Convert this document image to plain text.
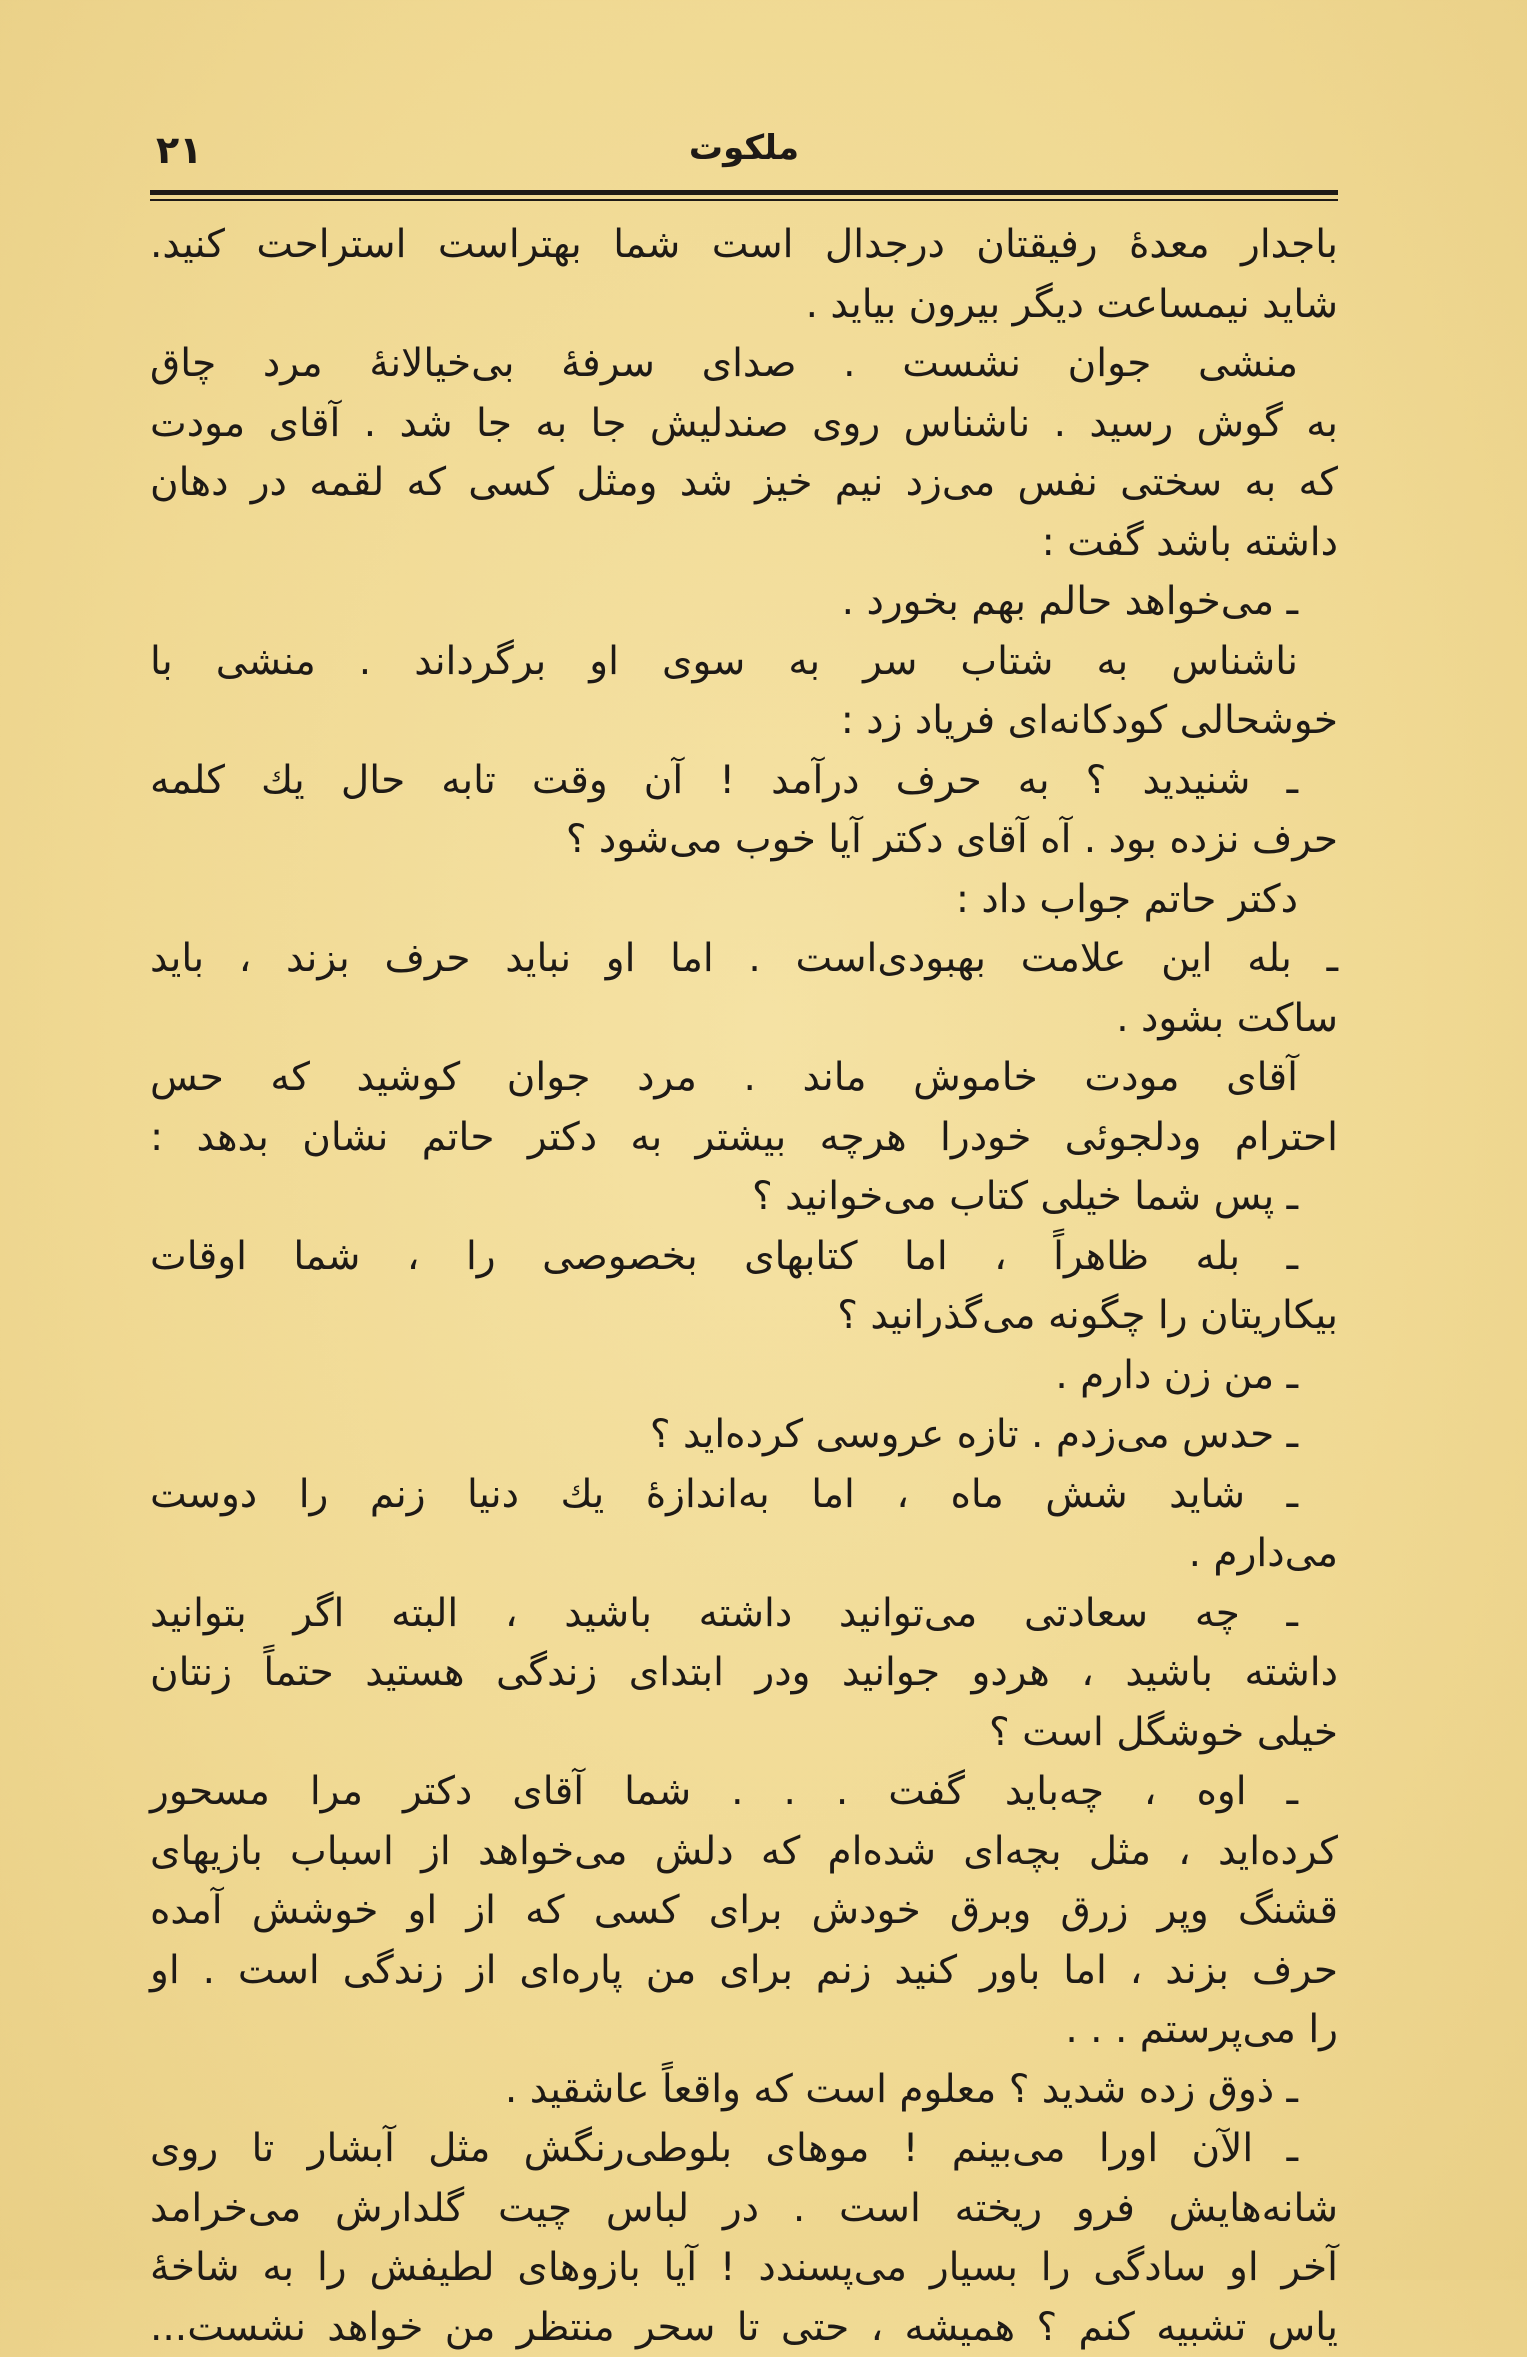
۲۱	ملکوت
باجدار معدهٔ رفیقتان درجدال است شما بهتراست استراحت کنید.
شاید نیمساعت دیگر بیرون بیاید .
منشی جوان نشست . صدای سرفهٔ بی‌خیالانهٔ مرد چاق
به گوش رسید . ناشناس روی صندلیش جا به جا شد . آقای مودت
که به سختی نفس می‌زد نیم خیز شد ومثل کسی که لقمه در دهان
داشته باشد گفت :
ـ می‌خواهد حالم بهم بخورد .
ناشناس به شتاب سر به سوی او برگرداند . منشی با
خوشحالی کودکانه‌ای فریاد زد :
ـ شنیدید ؟ به حرف درآمد ! آن وقت تابه حال یك كلمه
حرف نزده بود . آه آقای دکتر آیا خوب می‌شود ؟
دکتر حاتم جواب داد :
ـ بله این علامت بهبودی‌است . اما او نباید حرف بزند ، باید
ساکت بشود .
آقای مودت خاموش ماند . مرد جوان کوشید که حس
احترام ودلجوئی خودرا هرچه بیشتر به دکتر حاتم نشان بدهد :
ـ پس شما خیلی کتاب می‌خوانید ؟
ـ بله ظاهراً ، اما کتابهای بخصوصی را ، شما اوقات
بیکاریتان را چگونه می‌گذرانید ؟
ـ من زن دارم .
ـ حدس می‌زدم . تازه عروسی کرده‌اید ؟
ـ شاید شش ماه ، اما به‌اندازهٔ یك دنیا زنم را دوست
می‌دارم .
ـ چه سعادتی می‌توانید داشته باشید ، البته اگر بتوانید
داشته باشید ، هردو جوانید ودر ابتدای زندگی هستید حتماً زنتان
خیلی خوشگل است ؟
ـ اوه ، چه‌باید گفت . . . شما آقای دکتر مرا مسحور
کرده‌اید ، مثل بچه‌ای شده‌ام که دلش می‌خواهد از اسباب بازیهای
قشنگ وپر زرق وبرق خودش برای کسی که از او خوشش آمده
حرف بزند ، اما باور کنید زنم برای من پاره‌ای از زندگی است . او
را می‌پرستم . . .
ـ ذوق زده شدید ؟ معلوم است که واقعاً عاشقید .
ـ الآن اورا می‌بینم ! موهای بلوطی‌رنگش مثل آبشار تا روی
شانه‌هایش فرو ریخته است . در لباس چیت گلدارش می‌خرامد
آخر او سادگی را بسیار می‌پسندد ! آیا بازوهای لطیفش را به شاخهٔ
یاس تشبیه کنم ؟ همیشه ، حتی تا سحر منتظر من خواهد نشست...
